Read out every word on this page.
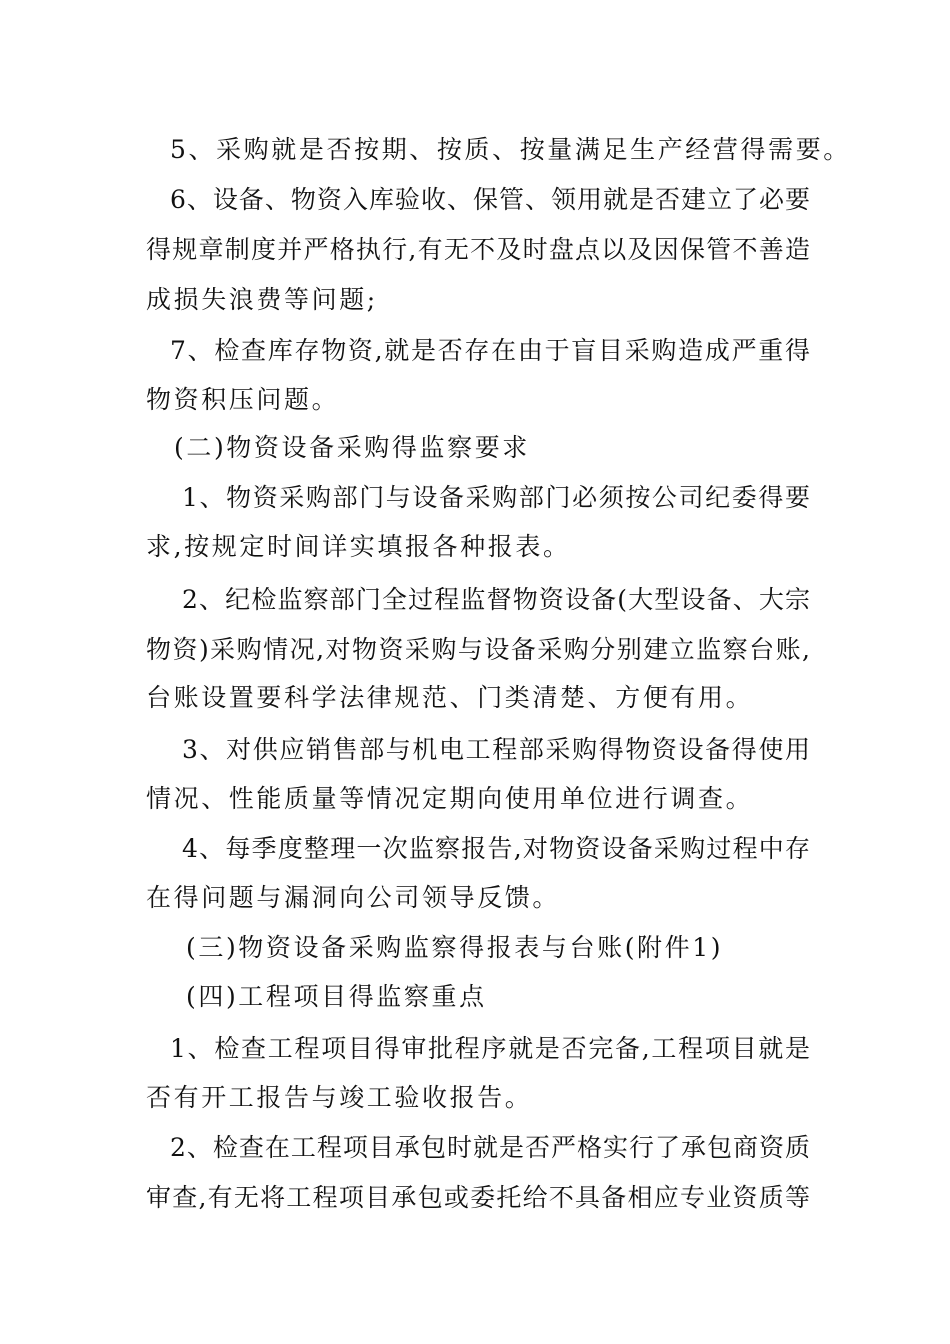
5、采购就是否按期、按质、按量满足生产经营得需要。
6、设备、物资入库验收、保管、领用就是否建立了必要
得规章制度并严格执行,有无不及时盘点以及因保管不善造
成损失浪费等问题;
7、检查库存物资,就是否存在由于盲目采购造成严重得
物资积压问题。
(二)物资设备采购得监察要求
1、物资采购部门与设备采购部门必须按公司纪委得要
求,按规定时间详实填报各种报表。
2、纪检监察部门全过程监督物资设备(大型设备、大宗
物资)采购情况,对物资采购与设备采购分别建立监察台账,
台账设置要科学法律规范、门类清楚、方便有用。
3、对供应销售部与机电工程部采购得物资设备得使用
情况、性能质量等情况定期向使用单位进行调查。
4、每季度整理一次监察报告,对物资设备采购过程中存
在得问题与漏洞向公司领导反馈。
(三)物资设备采购监察得报表与台账(附件1)
(四)工程项目得监察重点
1、检查工程项目得审批程序就是否完备,工程项目就是
否有开工报告与竣工验收报告。
2、检查在工程项目承包时就是否严格实行了承包商资质
审查,有无将工程项目承包或委托给不具备相应专业资质等
